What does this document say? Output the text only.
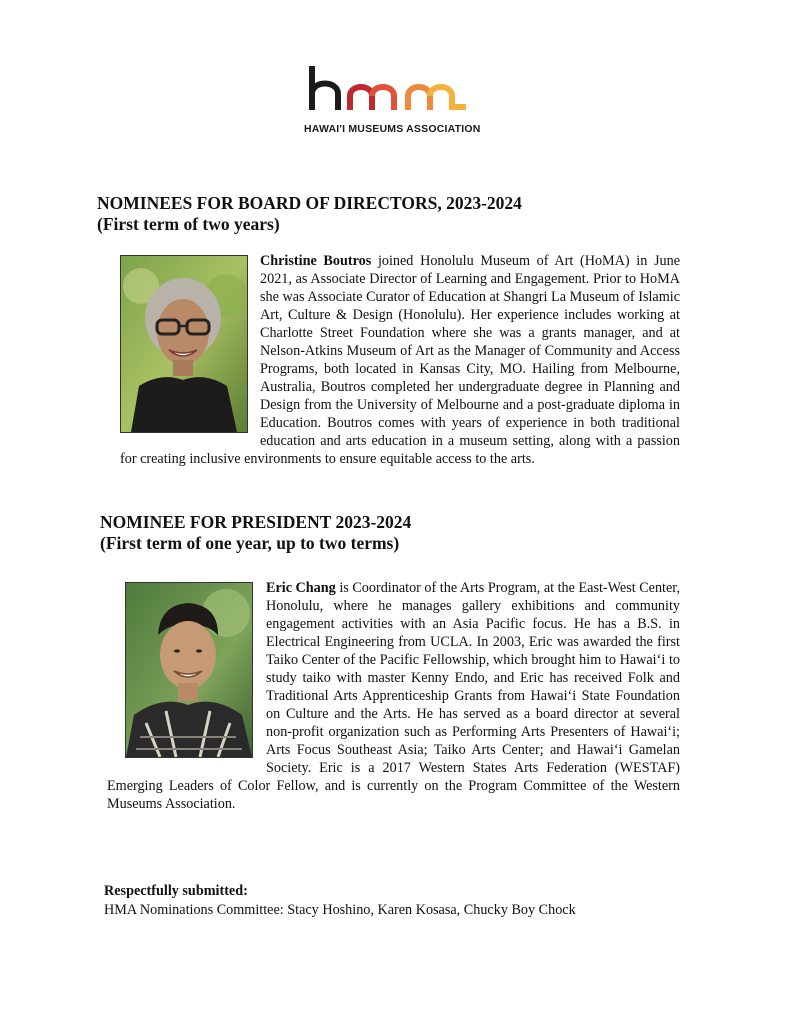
HAWAI'I MUSEUMS ASSOCIATION
NOMINEES FOR BOARD OF DIRECTORS, 2023-2024
(First term of two years)

Christine Boutros joined Honolulu Museum of Art (HoMA) in June 2021, as Associate Director of Learning and Engagement. Prior to HoMA she was Associate Curator of Education at Shangri La Museum of Islamic Art, Culture & Design (Honolulu). Her experience includes working at Charlotte Street Foundation where she was a grants manager, and at Nelson-Atkins Museum of Art as the Manager of Community and Access Programs, both located in Kansas City, MO. Hailing from Melbourne, Australia, Boutros completed her undergraduate degree in Planning and Design from the University of Melbourne and a post-graduate diploma in Education. Boutros comes with years of experience in both traditional education and arts education in a museum setting, along with a passion for creating inclusive environments to ensure equitable access to the arts.

NOMINEE FOR PRESIDENT 2023-2024
(First term of one year, up to two terms)

Eric Chang is Coordinator of the Arts Program, at the East-West Center, Honolulu, where he manages gallery exhibitions and community engagement activities with an Asia Pacific focus. He has a B.S. in Electrical Engineering from UCLA. In 2003, Eric was awarded the first Taiko Center of the Pacific Fellowship, which brought him to Hawai‘i to study taiko with master Kenny Endo, and Eric has received Folk and Traditional Arts Apprenticeship Grants from Hawai‘i State Foundation on Culture and the Arts. He has served as a board director at several non-profit organization such as Performing Arts Presenters of Hawai‘i; Arts Focus Southeast Asia; Taiko Arts Center; and Hawai‘i Gamelan Society. Eric is a 2017 Western States Arts Federation (WESTAF) Emerging Leaders of Color Fellow, and is currently on the Program Committee of the Western Museums Association.

Respectfully submitted:
HMA Nominations Committee: Stacy Hoshino, Karen Kosasa, Chucky Boy Chock
